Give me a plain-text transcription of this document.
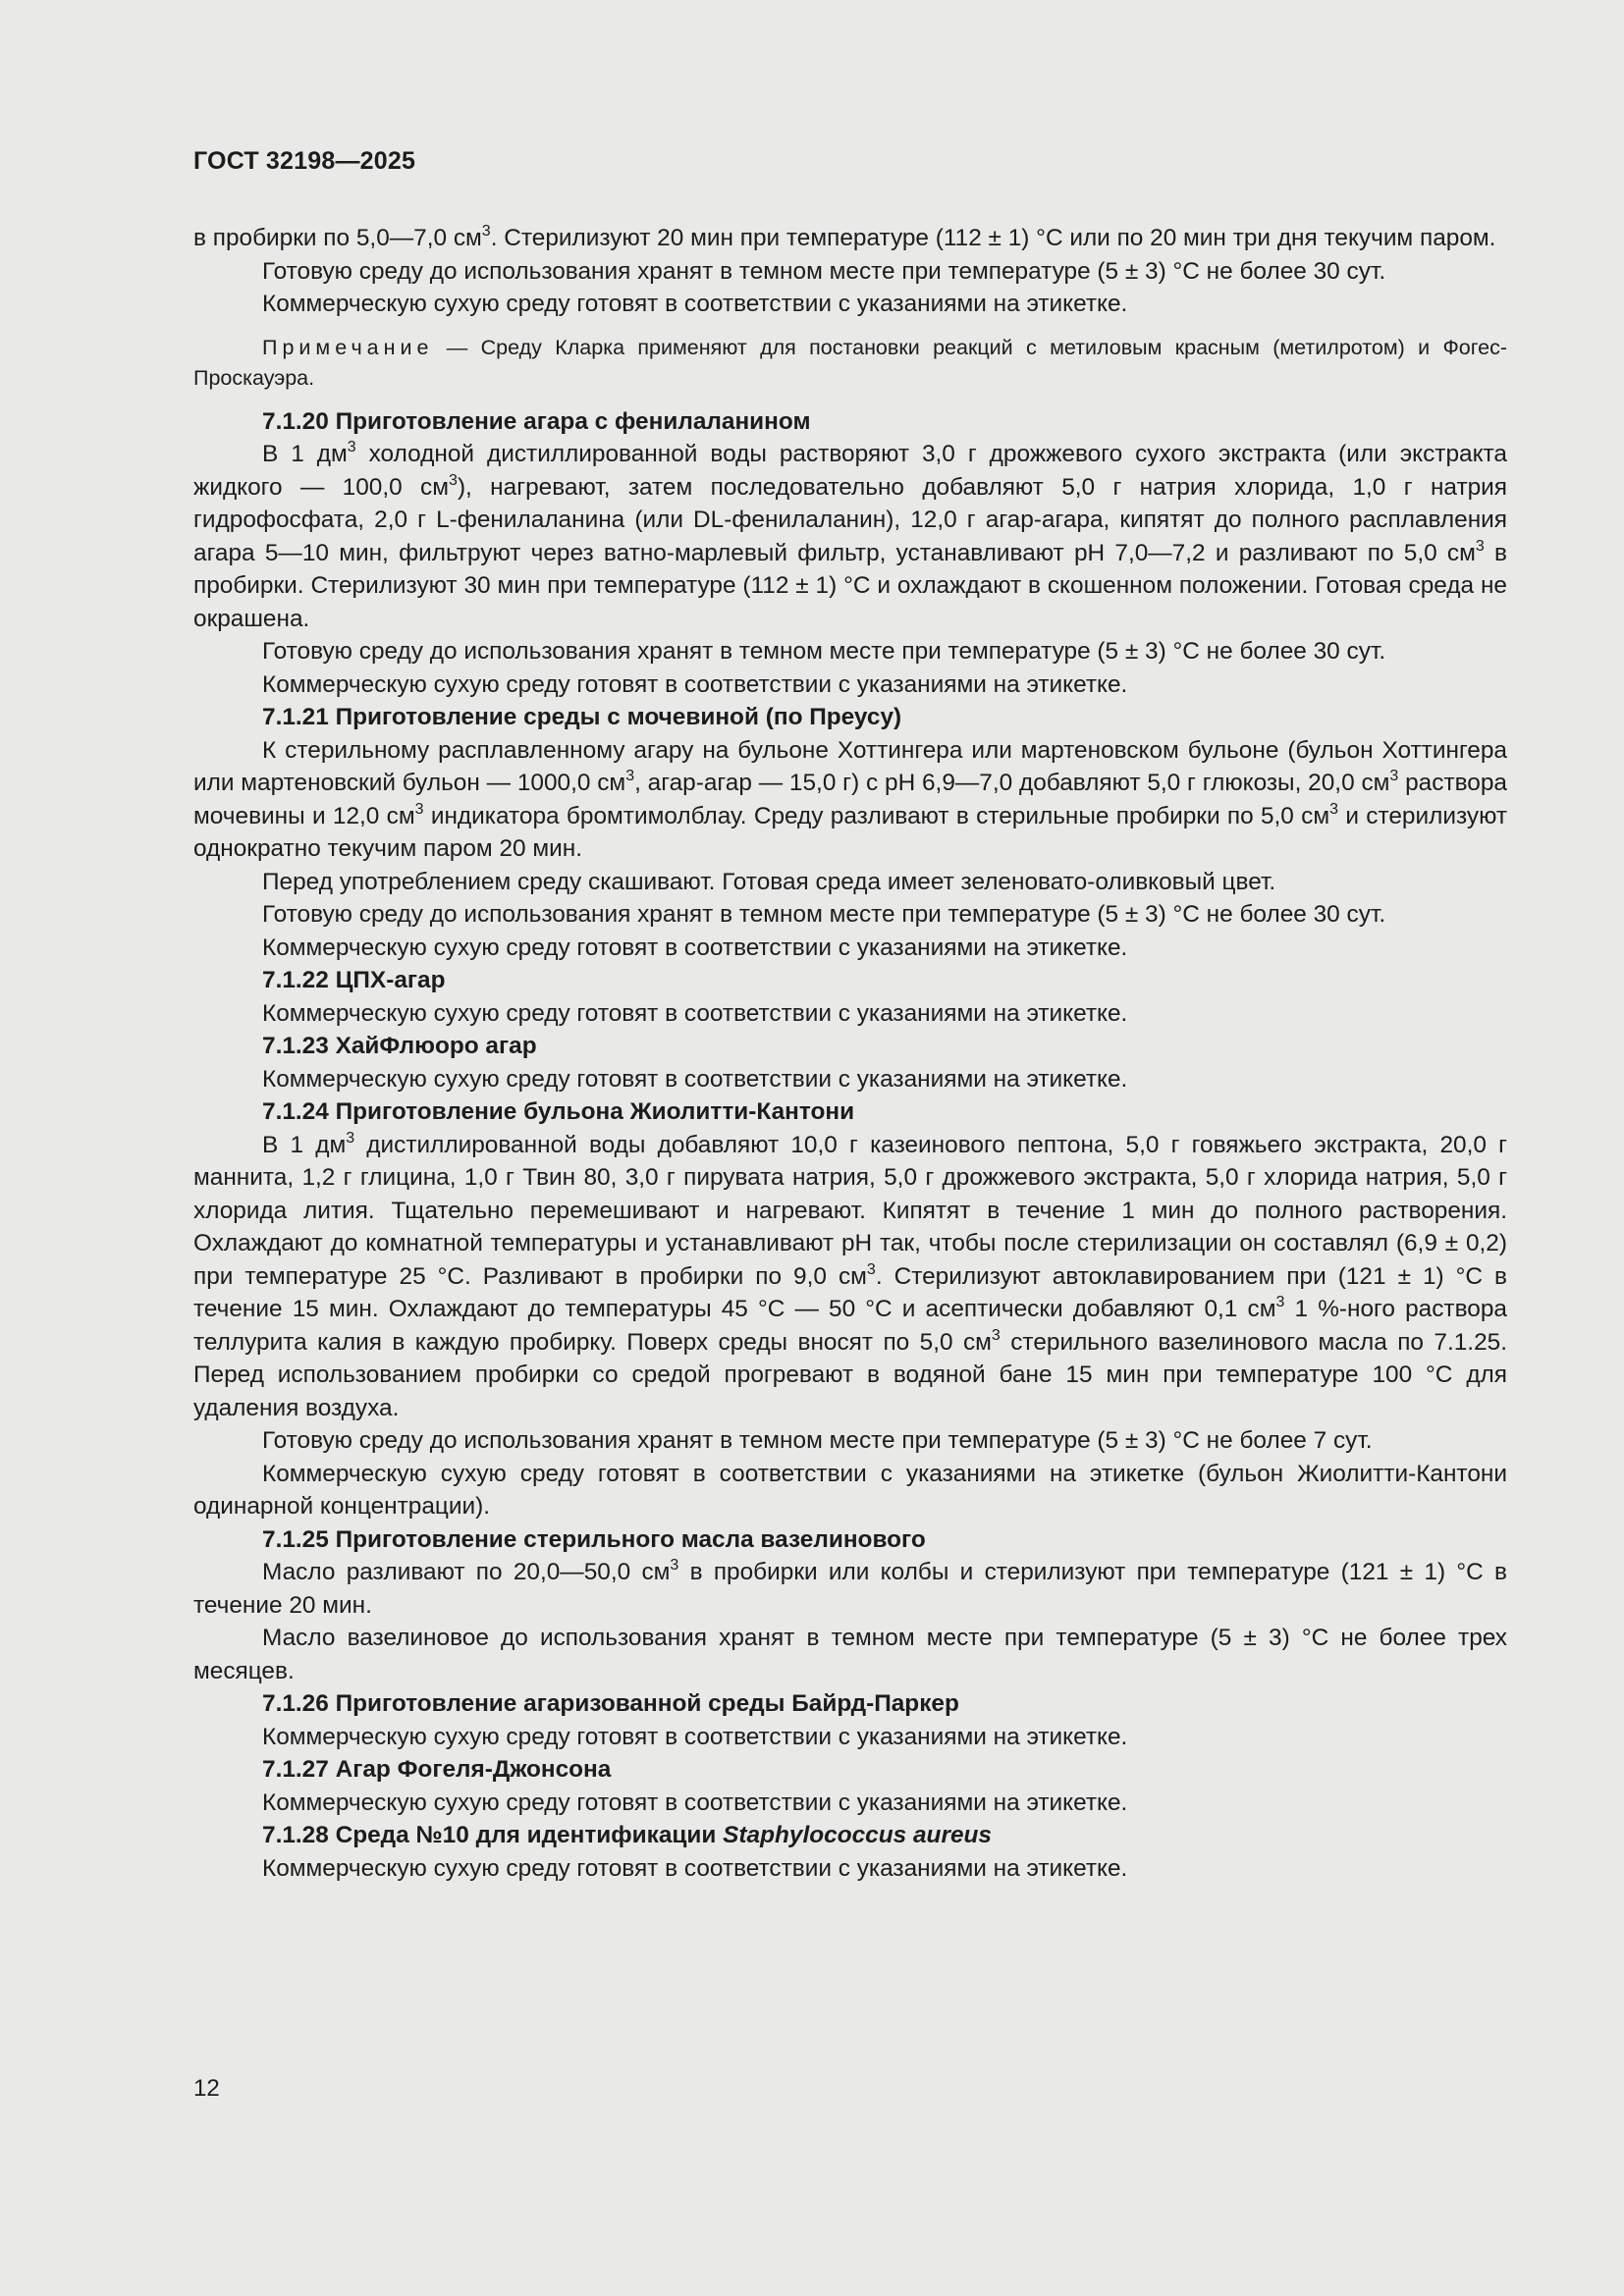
ГОСТ 32198—2025

в пробирки по 5,0—7,0 $см^3$. Стерилизуют 20 мин при температуре (112 ± 1) °С или по 20 мин три дня текучим паром.

Готовую среду до использования хранят в темном месте при температуре (5 ± 3) °С не более 30 сут.

Коммерческую сухую среду готовят в соответствии с указаниями на этикетке.

Примечание — Среду Кларка применяют для постановки реакций с метиловым красным (метилротом) и Фогес-Проскауэра.

7.1.20 Приготовление агара с фенилаланином

В 1 $дм^3$ холодной дистиллированной воды растворяют 3,0 г дрожжевого сухого экстракта (или экстракта жидкого — 100,0 $см^3$), нагревают, затем последовательно добавляют 5,0 г натрия хлорида, 1,0 г натрия гидрофосфата, 2,0 г L-фенилаланина (или DL-фенилаланин), 12,0 г агар-агара, кипятят до полного расплавления агара 5—10 мин, фильтруют через ватно-марлевый фильтр, устанавливают рН 7,0—7,2 и разливают по 5,0 $см^3$ в пробирки. Стерилизуют 30 мин при температуре (112 ± 1) °С и охлаждают в скошенном положении. Готовая среда не окрашена.

Готовую среду до использования хранят в темном месте при температуре (5 ± 3) °С не более 30 сут.

Коммерческую сухую среду готовят в соответствии с указаниями на этикетке.

7.1.21 Приготовление среды с мочевиной (по Преусу)

К стерильному расплавленному агару на бульоне Хоттингера или мартеновском бульоне (бульон Хоттингера или мартеновский бульон — 1000,0 $см^3$, агар-агар — 15,0 г) с рН 6,9—7,0 добавляют 5,0 г глюкозы, 20,0 $см^3$ раствора мочевины и 12,0 $см^3$ индикатора бромтимолблау. Среду разливают в стерильные пробирки по 5,0 $см^3$ и стерилизуют однократно текучим паром 20 мин.

Перед употреблением среду скашивают. Готовая среда имеет зеленовато-оливковый цвет.

Готовую среду до использования хранят в темном месте при температуре (5 ± 3) °С не более 30 сут.

Коммерческую сухую среду готовят в соответствии с указаниями на этикетке.

7.1.22 ЦПХ-агар

Коммерческую сухую среду готовят в соответствии с указаниями на этикетке.

7.1.23 ХайФлюоро агар

Коммерческую сухую среду готовят в соответствии с указаниями на этикетке.

7.1.24 Приготовление бульона Жиолитти-Кантони

В 1 $дм^3$ дистиллированной воды добавляют 10,0 г казеинового пептона, 5,0 г говяжьего экстракта, 20,0 г маннита, 1,2 г глицина, 1,0 г Твин 80, 3,0 г пирувата натрия, 5,0 г дрожжевого экстракта, 5,0 г хлорида натрия, 5,0 г хлорида лития. Тщательно перемешивают и нагревают. Кипятят в течение 1 мин до полного растворения. Охлаждают до комнатной температуры и устанавливают рН так, чтобы после стерилизации он составлял (6,9 ± 0,2) при температуре 25 °С. Разливают в пробирки по 9,0 $см^3$. Стерилизуют автоклавированием при (121 ± 1) °С в течение 15 мин. Охлаждают до температуры 45 °С — 50 °С и асептически добавляют 0,1 $см^3$ 1 %-ного раствора теллурита калия в каждую пробирку. Поверх среды вносят по 5,0 $см^3$ стерильного вазелинового масла по 7.1.25. Перед использованием пробирки со средой прогревают в водяной бане 15 мин при температуре 100 °С для удаления воздуха.

Готовую среду до использования хранят в темном месте при температуре (5 ± 3) °С не более 7 сут.

Коммерческую сухую среду готовят в соответствии с указаниями на этикетке (бульон Жиолитти-Кантони одинарной концентрации).

7.1.25 Приготовление стерильного масла вазелинового

Масло разливают по 20,0—50,0 $см^3$ в пробирки или колбы и стерилизуют при температуре (121 ± 1) °С в течение 20 мин.

Масло вазелиновое до использования хранят в темном месте при температуре (5 ± 3) °С не более трех месяцев.

7.1.26 Приготовление агаризованной среды Байрд-Паркер

Коммерческую сухую среду готовят в соответствии с указаниями на этикетке.

7.1.27 Агар Фогеля-Джонсона

Коммерческую сухую среду готовят в соответствии с указаниями на этикетке.

7.1.28 Среда №10 для идентификации Staphylococcus aureus

Коммерческую сухую среду готовят в соответствии с указаниями на этикетке.

12
